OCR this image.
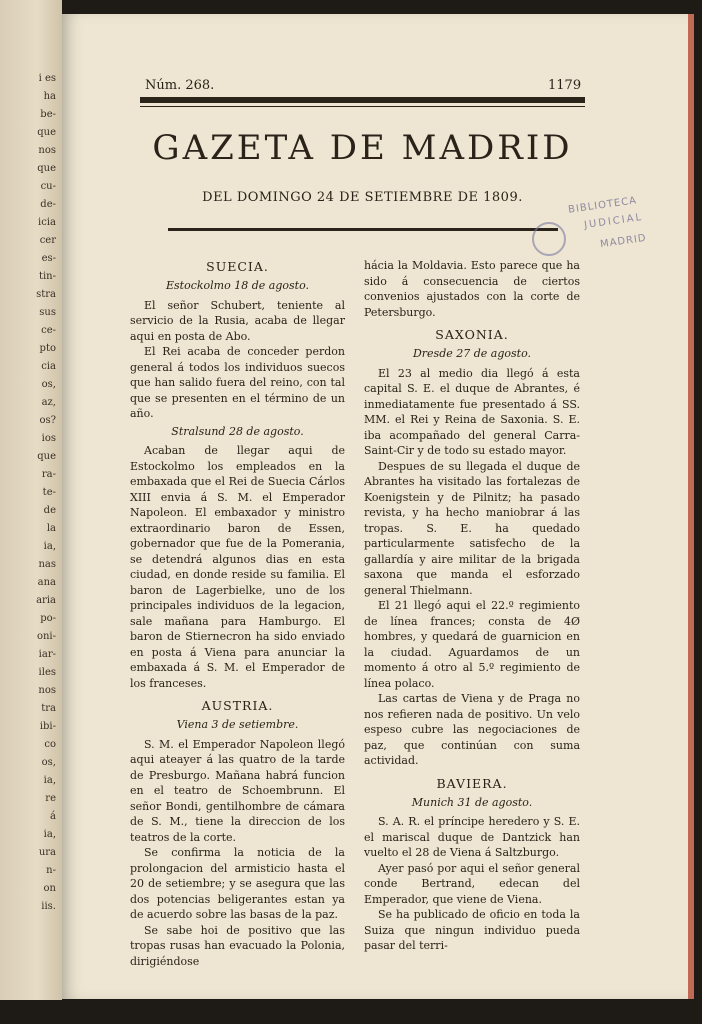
i es
ha
be-
que
nos
que
cu-
de-
icia
cer
es-
tin-
stra
sus
ce-
pto
cia
os,
az,
os?
ios
que
ra-
te-
de
la
ia,
nas
ana
aria
po-
oni-
iar-
iles
nos
tra
ibi-
co
os,
ia,
re
á
ia,
ura
n-
on
iis.
Núm. 268.	1179
GAZETA DE MADRID
DEL DOMINGO 24 DE SETIEMBRE DE 1809.	BIBLIOTECA
JUDICIAL
MADRID
SUECIA.
Estockolmo 18 de agosto.

El señor Schubert, teniente al servicio de la Rusia, acaba de llegar aqui en posta de Abo.

El Rei acaba de conceder perdon general á todos los individuos suecos que han salido fuera del reino, con tal que se presenten en el término de un año.

Stralsund 28 de agosto.

Acaban de llegar aqui de Estockolmo los empleados en la embaxada que el Rei de Suecia Cárlos XIII envia á S. M. el Emperador Napoleon. El embaxador y ministro extraordinario baron de Essen, gobernador que fue de la Pomerania, se detendrá algunos dias en esta ciudad, en donde reside su familia. El baron de Lagerbielke, uno de los principales individuos de la legacion, sale mañana para Hamburgo. El baron de Stiernecron ha sido enviado en posta á Viena para anunciar la embaxada á S. M. el Emperador de los franceses.

AUSTRIA.
Viena 3 de setiembre.

S. M. el Emperador Napoleon llegó aqui ateayer á las quatro de la tarde de Presburgo. Mañana habrá funcion en el teatro de Schoembrunn. El señor Bondi, gentilhombre de cámara de S. M., tiene la direccion de los teatros de la corte.

Se confirma la noticia de la prolongacion del armisticio hasta el 20 de setiembre; y se asegura que las dos potencias beligerantes estan ya de acuerdo sobre las basas de la paz.

Se sabe hoi de positivo que las tropas rusas han evacuado la Polonia, dirigiéndose

hácia la Moldavia. Esto parece que ha sido á consecuencia de ciertos convenios ajustados con la corte de Petersburgo.

SAXONIA.
Dresde 27 de agosto.

El 23 al medio dia llegó á esta capital S. E. el duque de Abrantes, é inmediatamente fue presentado á SS. MM. el Rei y Reina de Saxonia. S. E. iba acompañado del general Carra-Saint-Cir y de todo su estado mayor.

Despues de su llegada el duque de Abrantes ha visitado las fortalezas de Koenigstein y de Pilnitz; ha pasado revista, y ha hecho maniobrar á las tropas. S. E. ha quedado particularmente satisfecho de la gallardía y aire militar de la brigada saxona que manda el esforzado general Thielmann.

El 21 llegó aqui el 22.º regimiento de línea frances; consta de 4Ø hombres, y quedará de guarnicion en la ciudad. Aguardamos de un momento á otro al 5.º regimiento de línea polaco.

Las cartas de Viena y de Praga no nos refieren nada de positivo. Un velo espeso cubre las negociaciones de paz, que continúan con suma actividad.

BAVIERA.
Munich 31 de agosto.

S. A. R. el príncipe heredero y S. E. el mariscal duque de Dantzick han vuelto el 28 de Viena á Saltzburgo.

Ayer pasó por aqui el señor general conde Bertrand, edecan del Emperador, que viene de Viena.

Se ha publicado de oficio en toda la Suiza que ningun individuo pueda pasar del terri-
